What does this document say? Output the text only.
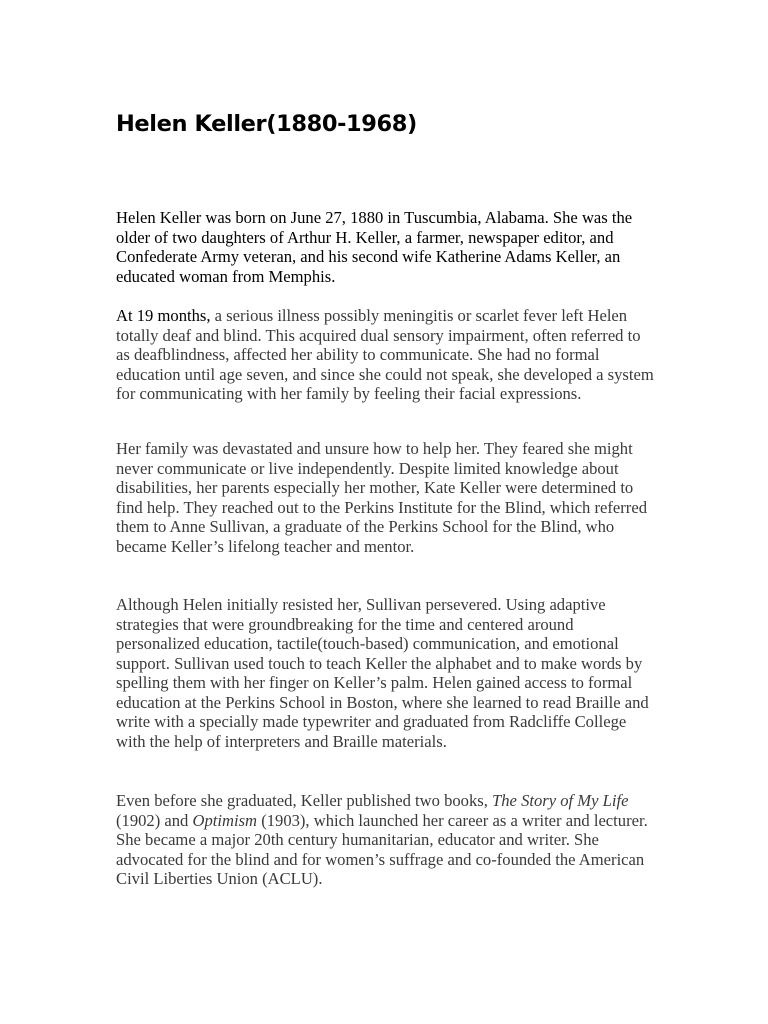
Helen Keller(1880-1968)

Helen Keller was born on June 27, 1880 in Tuscumbia, Alabama. She was the older of two daughters of Arthur H. Keller, a farmer, newspaper editor, and Confederate Army veteran, and his second wife Katherine Adams Keller, an educated woman from Memphis.

At 19 months, a serious illness possibly meningitis or scarlet fever left Helen totally deaf and blind. This acquired dual sensory impairment, often referred to as deafblindness, affected her ability to communicate. She had no formal education until age seven, and since she could not speak, she developed a system for communicating with her family by feeling their facial expressions.

Her family was devastated and unsure how to help her. They feared she might never communicate or live independently. Despite limited knowledge about disabilities, her parents especially her mother, Kate Keller were determined to find help. They reached out to the Perkins Institute for the Blind, which referred them to Anne Sullivan, a graduate of the Perkins School for the Blind, who became Keller’s lifelong teacher and mentor.

Although Helen initially resisted her, Sullivan persevered. Using adaptive strategies that were groundbreaking for the time and centered around personalized education, tactile(touch-based) communication, and emotional support. Sullivan used touch to teach Keller the alphabet and to make words by spelling them with her finger on Keller’s palm. Helen gained access to formal education at the Perkins School in Boston, where she learned to read Braille and write with a specially made typewriter and graduated from Radcliffe College with the help of interpreters and Braille materials.

Even before she graduated, Keller published two books, The Story of My Life (1902) and Optimism (1903), which launched her career as a writer and lecturer. She became a major 20th century humanitarian, educator and writer. She advocated for the blind and for women’s suffrage and co-founded the American Civil Liberties Union (ACLU).
